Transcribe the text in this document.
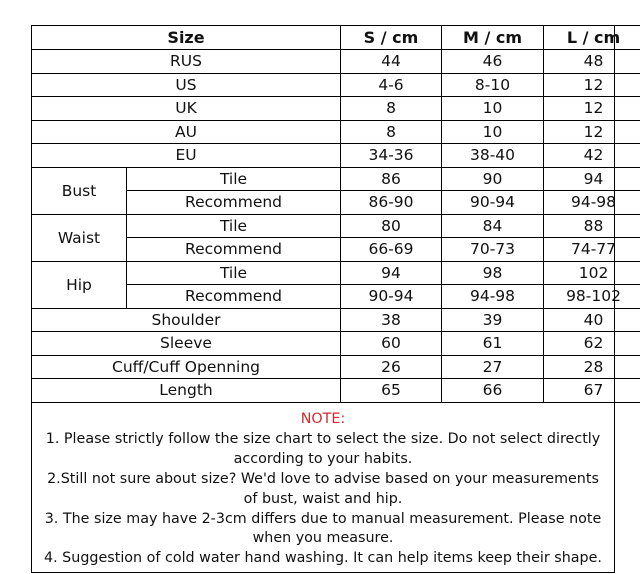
Size		S / cm	M / cm	L / cm
RUS		44	46	48
US		4-6	8-10	12
UK		8	10	12
AU		8	10	12
EU		34-36	38-40	42
Bust	Tile	86	90	94
	Recommend	86-90	90-94	94-98
Waist	Tile	80	84	88
	Recommend	66-69	70-73	74-77
Hip	Tile	94	98	102
	Recommend	90-94	94-98	98-102
Shoulder		38	39	40
Sleeve		60	61	62
Cuff/Cuff Openning		26	27	28
Length		65	66	67
NOTE:
1. Please strictly follow the size chart to select the size. Do not select directly
according to your habits.
2.Still not sure about size? We'd love to advise based on your measurements
of bust, waist and hip.
3. The size may have 2-3cm differs due to manual measurement. Please note
when you measure.
4. Suggestion of cold water hand washing. It can help items keep their shape.
